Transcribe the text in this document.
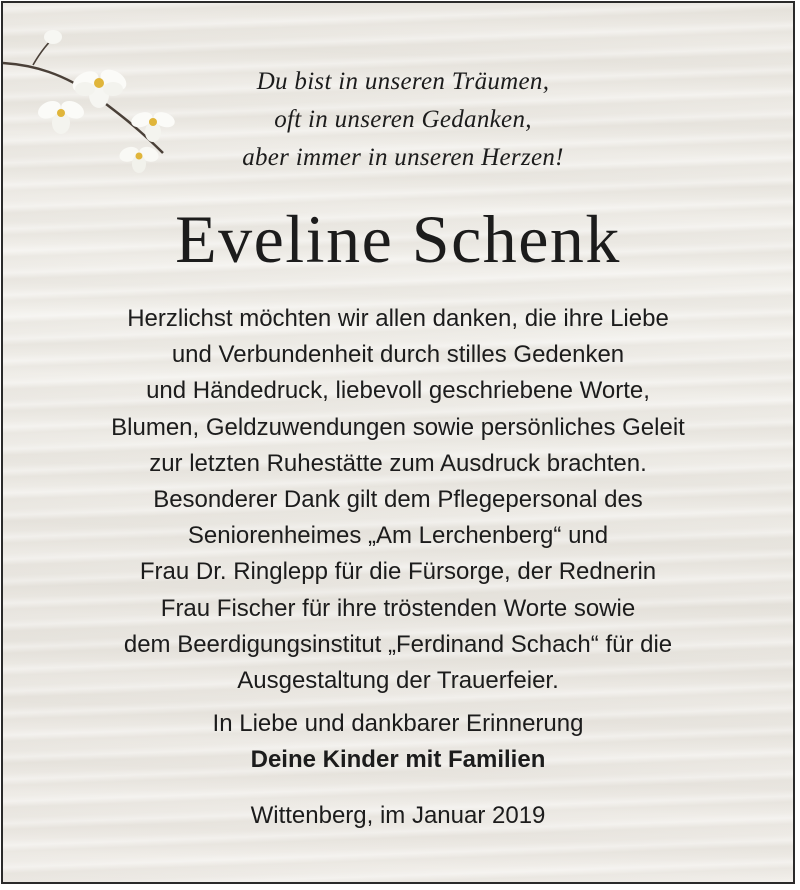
Du bist in unseren Träumen,
oft in unseren Gedanken,
aber immer in unseren Herzen!
Eveline Schenk
Herzlichst möchten wir allen danken, die ihre Liebe
und Verbundenheit durch stilles Gedenken
und Händedruck, liebevoll geschriebene Worte,
Blumen, Geldzuwendungen sowie persönliches Geleit
zur letzten Ruhestätte zum Ausdruck brachten.
Besonderer Dank gilt dem Pflegepersonal des
Seniorenheimes „Am Lerchenberg“ und
Frau Dr. Ringlepp für die Fürsorge, der Rednerin
Frau Fischer für ihre tröstenden Worte sowie
dem Beerdigungsinstitut „Ferdinand Schach“ für die
Ausgestaltung der Trauerfeier.
In Liebe und dankbarer Erinnerung
Deine Kinder mit Familien
Wittenberg, im Januar 2019
